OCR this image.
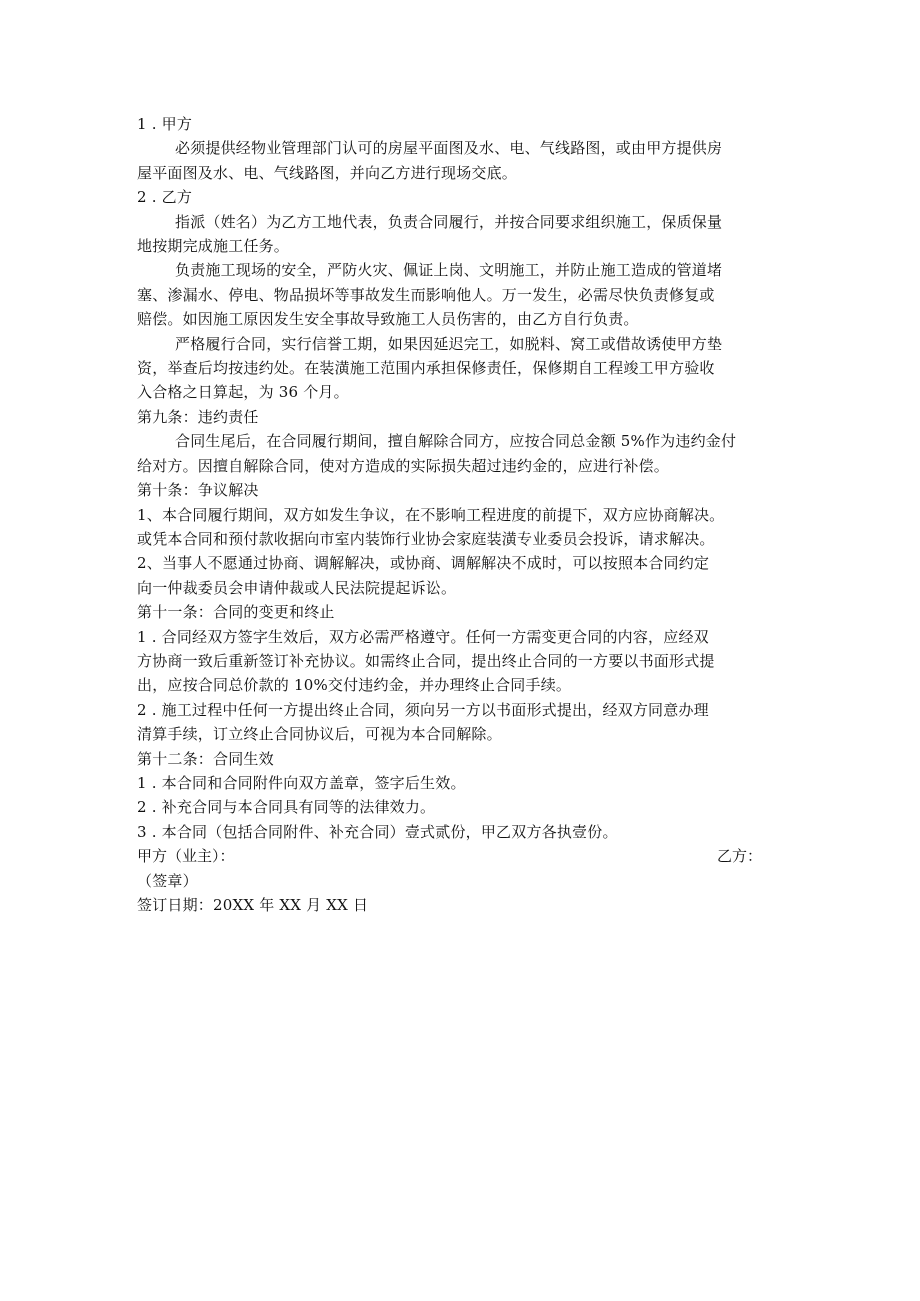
1 . 甲方

必须提供经物业管理部门认可的房屋平面图及水、电、气线路图，或由甲方提供房

屋平面图及水、电、气线路图，并向乙方进行现场交底。

2 . 乙方

指派（姓名）为乙方工地代表，负责合同履行，并按合同要求组织施工，保质保量

地按期完成施工任务。

负责施工现场的安全，严防火灾、佩证上岗、文明施工，并防止施工造成的管道堵

塞、渗漏水、停电、物品损坏等事故发生而影响他人。万一发生，必需尽快负责修复或

赔偿。如因施工原因发生安全事故导致施工人员伤害的，由乙方自行负责。

严格履行合同，实行信誉工期，如果因延迟完工，如脱料、窝工或借故诱使甲方垫

资，举查后均按违约处。在装潢施工范围内承担保修责任，保修期自工程竣工甲方验收

入合格之日算起，为 36 个月。

第九条：违约责任

合同生尾后，在合同履行期间，擅自解除合同方，应按合同总金额 5%作为违约金付

给对方。因擅自解除合同，使对方造成的实际损失超过违约金的，应进行补偿。

第十条：争议解决

1、本合同履行期间，双方如发生争议，在不影响工程进度的前提下，双方应协商解决。

或凭本合同和预付款收据向市室内装饰行业协会家庭装潢专业委员会投诉，请求解决。

2、当事人不愿通过协商、调解解决，或协商、调解解决不成时，可以按照本合同约定

向一仲裁委员会申请仲裁或人民法院提起诉讼。

第十一条：合同的变更和终止

1 . 合同经双方签字生效后，双方必需严格遵守。任何一方需变更合同的内容，应经双

方协商一致后重新签订补充协议。如需终止合同，提出终止合同的一方要以书面形式提

出，应按合同总价款的 10%交付违约金，并办理终止合同手续。

2 . 施工过程中任何一方提出终止合同，须向另一方以书面形式提出，经双方同意办理

清算手续，订立终止合同协议后，可视为本合同解除。

第十二条：合同生效

1 . 本合同和合同附件向双方盖章，签字后生效。

2 . 补充合同与本合同具有同等的法律效力。

3 . 本合同（包括合同附件、补充合同）壹式贰份，甲乙双方各执壹份。

甲方（业主）：	乙方：

（签章）

签订日期：20XX 年 XX 月 XX 日
